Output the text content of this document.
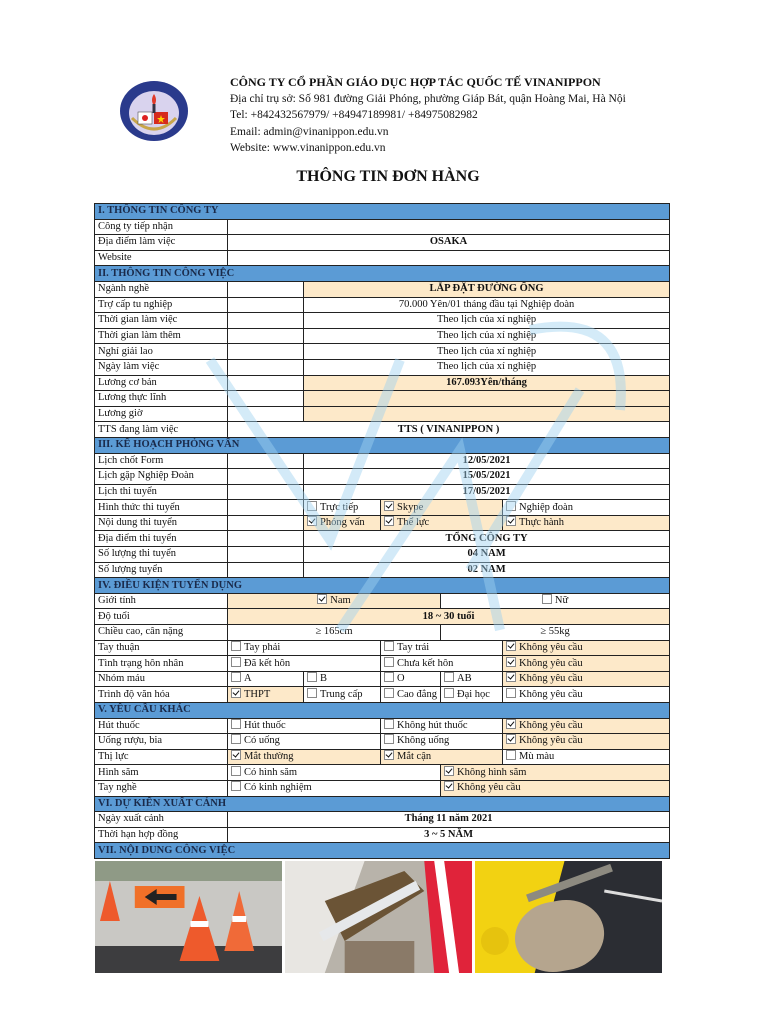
CÔNG TY CỔ PHẦN GIÁO DỤC HỢP TÁC QUỐC TẾ VINANIPPON
Địa chỉ trụ sở: Số 981 đường Giải Phóng, phường Giáp Bát, quận Hoàng Mai, Hà Nội
Tel: +842432567979/ +84947189981/ +84975082982
Email: admin@vinanippon.edu.vn
Website: www.vinanippon.edu.vn
THÔNG TIN ĐƠN HÀNG
I. THÔNG TIN CÔNG TY					
Công ty tiếp nhận					
Địa điểm làm việc	OSAKA				
Website					
II. THÔNG TIN CÔNG VIỆC					
Ngành nghề		LẮP ĐẶT ĐƯỜNG ỐNG			
Trợ cấp tu nghiệp		70.000 Yên/01 tháng đầu tại Nghiệp đoàn			
Thời gian làm việc		Theo lịch của xí nghiệp			
Thời gian làm thêm		Theo lịch của xí nghiệp			
Nghỉ giải lao		Theo lịch của xí nghiệp			
Ngày làm việc		Theo lịch của xí nghiệp			
Lương cơ bản		167.093Yên/tháng			
Lương thực lĩnh					
Lương giờ					
TTS đang làm việc	TTS ( VINANIPPON )				
III. KẾ HOẠCH PHỎNG VẤN					
Lịch chốt Form		12/05/2021			
Lịch gặp Nghiệp Đoàn		15/05/2021			
Lịch thi tuyển		17/05/2021			
Hình thức thi tuyển		Trực tiếp	Skype		Nghiệp đoàn
Nội dung thi tuyển		Phỏng vấn	Thể lực		Thực hành
Địa điểm thi tuyển		TỔNG CÔNG TY			
Số lượng thi tuyển		04 NAM			
Số lượng tuyển		02 NAM			
IV. ĐIỀU KIỆN TUYỂN DỤNG					
Giới tính	Nam			Nữ	
Độ tuổi	18 ~ 30 tuổi				
Chiều cao, cân nặng	≥ 165cm			≥ 55kg	
Tay thuận	Tay phải		Tay trái		Không yêu cầu
Tình trạng hôn nhân	Đã kết hôn		Chưa kết hôn		Không yêu cầu
Nhóm máu	A	B	O	AB	Không yêu cầu
Trình độ văn hóa	THPT	Trung cấp	Cao đẳng	Đại học	Không yêu cầu
V. YÊU CẦU KHÁC					
Hút thuốc	Hút thuốc		Không hút thuốc		Không yêu cầu
Uống rượu, bia	Có uống		Không uống		Không yêu cầu
Thị lực	Mắt thường		Mắt cận		Mù màu
Hình săm	Có hình săm			Không hình săm	
Tay nghề	Có kinh nghiệm			Không yêu cầu	
VI. DỰ KIẾN XUẤT CẢNH					
Ngày xuất cảnh	Tháng 11 năm 2021				
Thời hạn hợp đồng	3 ~ 5 NĂM				
VII. NỘI DUNG CÔNG VIỆC					
